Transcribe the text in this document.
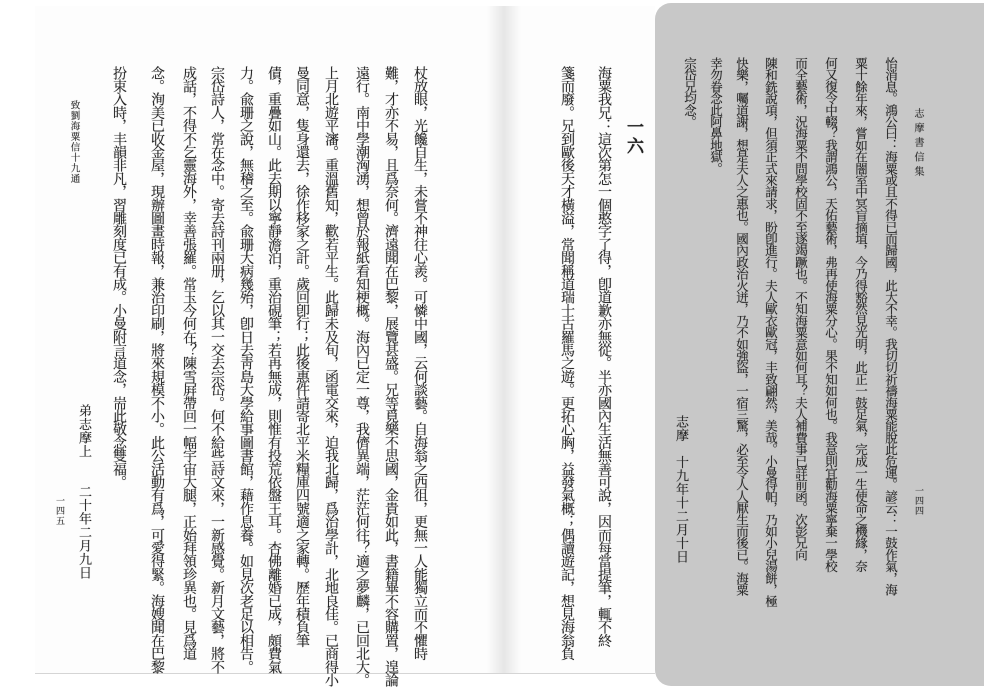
一六
海粟我兄：這次第怎一個憨字了得，卽道歉亦無從。半亦國內生活無善可說，因而每當提筆，輒不終
箋而廢。兄到歐後天才橫溢，常聞稱道瑞士古羅馬之遊。更拓心胸，益發氣概；偶讀遊記，想見海翁負
杖放眼，光饞自生，未嘗不神往心羨。可憐中國，云何談藝。自海翁之西徂，更無一人能獨立而不懼時
難，才亦不易，且爲奈何。濟遠聞在巴黎，展覽甚盛。兄等覓樂不思國，金貴如此，書籍畢不容購置，遑論
遠行。南中學潮洶湧，想曾於報紙看知梗概。海內已定一尊，我儕異端，茫茫何往？適之夢麟，已回北大。
上月北遊平瀋。重溫舊知，歡若平生。此歸未及旬，函電交來，迫我北歸，爲治學計，北地良佳。已商得小
曼同意，隻身還去，徐作移家之計。歲回卽行；此後惠件請寄北平米糧庫四號適之家轉。歷年積負筆
債，重疊如山。此去期以寧靜澹泊，重治硯筆；若再無成，則惟有投荒依盤王耳。杏佛離婚已成，頗費氣
力。兪珊之說，無稽之至。兪珊大病幾殆，卽日去靑島大學給事圖書館，藉作息養。如見次老足以相告。
宗岱詩人，常在念中。寄去詩刊兩册，乞以其一交去宗岱。何不給些詩文來，一新感覺。新月文藝，將不
成話，不得不乞靈海外，幸善張羅。常玉今何在？陳雪屛帶回一幅宇宙大腿，正始拜領珍異也。見爲道
念。洵美已收金屋，現辦圖畫時報，兼治印刷，將來規模不小。此公活動有爲，可愛得緊。海嫂聞在巴黎
扮束入時，丰韻非凡，習雕刻度已有成。小曼附言道念，耑此敬念雙福。
弟志摩上　　二十年二月九日
致劉海粟信十九通
一四五
志摩書信集
一四四
怡消息。鴻公曰：海粟或且不得已而歸國，此大不幸。我切切祈禱海粟能脫此危運。諺云：一鼓作氣，海
粟十餘年來，嘗如在闇室中冥盲摘埴，今乃得豁然見光明，此正一鼓足氣，完成一生使命之機緣，奈
何又復令中輟？我謂鴻公，天佑藝術，弗再使海粟分心。果不知如何也。我意則宜勸海粟寧棄一學校
而全藝術，況海粟不問學校固不至遂竭蹶也。不知海粟意如何耳？夫人補費事已詳前函。次彭兄向
陳和銑說項，但須正式來請求，盼卽進行。夫人歐衣歐冠，丰致翩然，美哉。小曼得帕，乃如小兒湯餅，極
快樂，囑道謝，想是夫人之惠也。國內政治火迸，乃不如強盜，一宿三驚，必至令人人厭生而後已。海粟
幸勿眷念此阿鼻地獄。
宗岱兄均念。
志摩　十九年十二月十日
